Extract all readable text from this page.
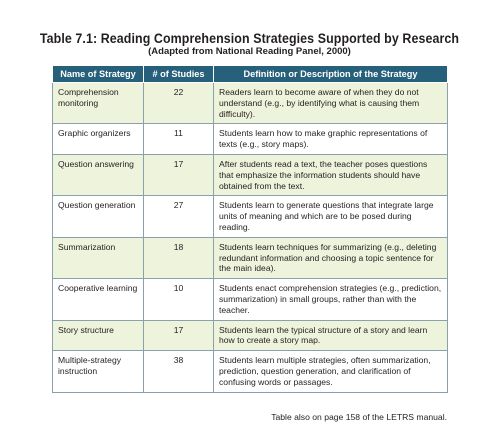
Table 7.1: Reading Comprehension Strategies Supported by Research
(Adapted from National Reading Panel, 2000)
Name of Strategy	# of Studies	Definition or Description of the Strategy
Comprehension monitoring	22	Readers learn to become aware of when they do not understand (e.g., by identifying what is causing them difficulty).
Graphic organizers	11	Students learn how to make graphic representations of texts (e.g., story maps).
Question answering	17	After students read a text, the teacher poses questions that emphasize the information students should have obtained from the text.
Question generation	27	Students learn to generate questions that integrate large units of meaning and which are to be posed during reading.
Summarization	18	Students learn techniques for summarizing (e.g., deleting redundant information and choosing a topic sentence for the main idea).
Cooperative learning	10	Students enact comprehension strategies (e.g., prediction, summarization) in small groups, rather than with the teacher.
Story structure	17	Students learn the typical structure of a story and learn how to create a story map.
Multiple-strategy instruction	38	Students learn multiple strategies, often summarization, prediction, question generation, and clarification of confusing words or passages.
Table also on page 158 of the LETRS manual.
